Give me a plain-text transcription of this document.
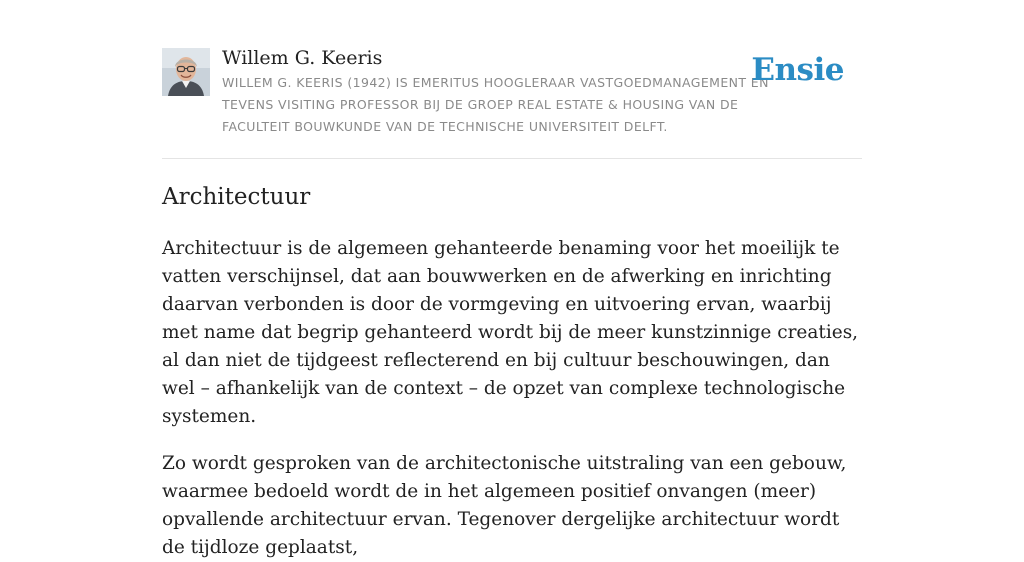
Willem G. Keeris
WILLEM G. KEERIS (1942) IS EMERITUS HOOGLERAAR VASTGOEDMANAGEMENT EN TEVENS VISITING PROFESSOR BIJ DE GROEP REAL ESTATE & HOUSING VAN DE FACULTEIT BOUWKUNDE VAN DE TECHNISCHE UNIVERSITEIT DELFT.
Ensie
Architectuur

Architectuur is de algemeen gehanteerde benaming voor het moeilijk te vatten verschijnsel, dat aan bouwwerken en de afwerking en inrichting daarvan verbonden is door de vormgeving en uitvoering ervan, waarbij met name dat begrip gehanteerd wordt bij de meer kunstzinnige creaties, al dan niet de tijdgeest reflecterend en bij cultuur beschouwingen, dan wel – afhankelijk van de context – de opzet van complexe technologische systemen.

Zo wordt gesproken van de architectonische uitstraling van een gebouw, waarmee bedoeld wordt de in het algemeen positief onvangen (meer) opvallende architectuur ervan. Tegenover dergelijke architectuur wordt de tijdloze geplaatst,
